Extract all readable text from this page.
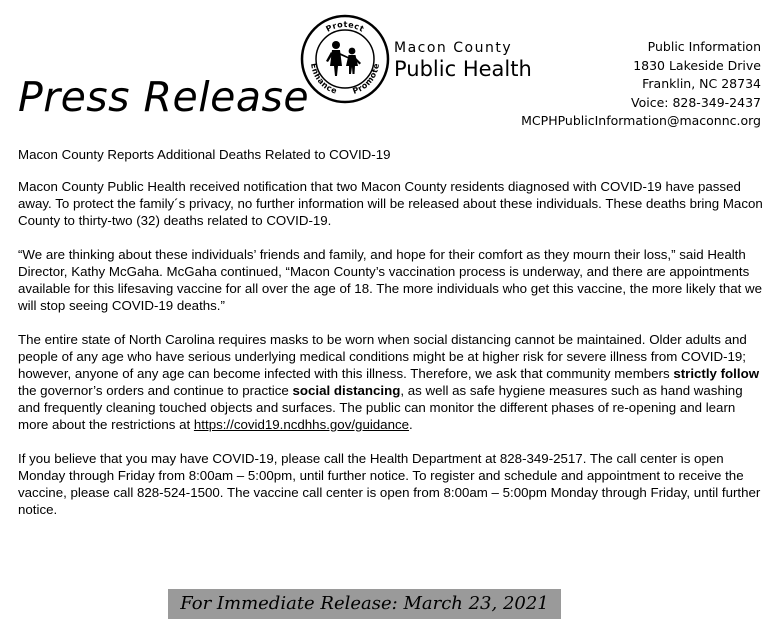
Press Release
Protect
Enhance Promote
Macon County
Public Health
Public Information
1830 Lakeside Drive
Franklin, NC 28734
Voice: 828-349-2437
MCPHPublicInformation@maconnc.org

Macon County Reports Additional Deaths Related to COVID-19

Macon County Public Health received notification that two Macon County residents diagnosed with COVID-19 have passed away. To protect the family´s privacy, no further information will be released about these individuals. These deaths bring Macon County to thirty-two (32) deaths related to COVID-19.

“We are thinking about these individuals’ friends and family, and hope for their comfort as they mourn their loss,” said Health Director, Kathy McGaha. McGaha continued, “Macon County’s vaccination process is underway, and there are appointments available for this lifesaving vaccine for all over the age of 18. The more individuals who get this vaccine, the more likely that we will stop seeing COVID-19 deaths.”

The entire state of North Carolina requires masks to be worn when social distancing cannot be maintained. Older adults and people of any age who have serious underlying medical conditions might be at higher risk for severe illness from COVID-19; however, anyone of any age can become infected with this illness. Therefore, we ask that community members strictly follow the governor’s orders and continue to practice social distancing, as well as safe hygiene measures such as hand washing and frequently cleaning touched objects and surfaces. The public can monitor the different phases of re-opening and learn more about the restrictions at https://covid19.ncdhhs.gov/guidance.

If you believe that you may have COVID-19, please call the Health Department at 828-349-2517. The call center is open Monday through Friday from 8:00am – 5:00pm, until further notice. To register and schedule and appointment to receive the vaccine, please call 828-524-1500. The vaccine call center is open from 8:00am – 5:00pm Monday through Friday, until further notice.

For Immediate Release: March 23, 2021
